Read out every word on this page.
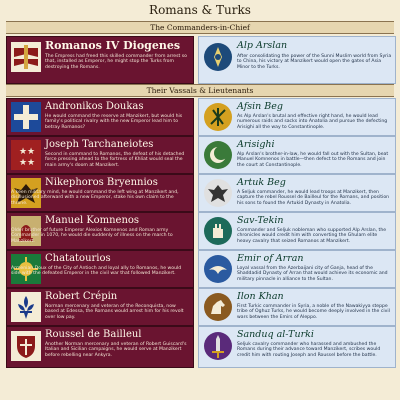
Romans & Turks
The Commanders-in-Chief
Romanos IV Diogenes
The Empress had freed this skilled commander from arrest so that, installed as Emperor, he might stop the Turks from destroying the Romans.
Alp Arslan
After consolidating the power of the Sunni Muslim world from Syria to China, his victory at Manzikert would open the gates of Asia Minor to the Turks.
Their Vassals & Lieutenants
Andronikos Doukas
He would command the reserve at Manzikert, but would his family's political rivalry with the new Emperor lead him to betray Romanos?
Afsin Beg
As Alp Arslan's brutal and effective right hand, he would lead numerous raids and sacks into Anatolia and pursue the defecting Arisighi all the way to Constantinople.
★ ★
★ ★
Joseph Tarchaneiotes
Second in command to Romanos, the defeat of his detached force pressing ahead to the fortress of Khliat would seal the main army's doom at Manzikert.
Arisighi
Alp Arslan's brother-in-law, he would fall out with the Sultan, beat Manuel Komnenos in battle—then defect to the Romans and join the court at Constantinople.
Nikephoros Bryennios
A keen military mind, he would command the left wing at Manzikert and, disillusioned afterward with a new Emperor, stake his own claim to the throne.
Artuk Beg
A Seljuk commander, he would lead troops at Manzikert, then capture the rebel Roussel de Bailleul for the Romans, and position his sons to found the Artukid Dynasty in Anatolia.
Manuel Komnenos
Older brother of future Emperor Alexios Komnenos and Roman army Commander in 1070, he would die suddenly of illness on the march to Manzikert.
Sav-Tekin
Commander and Seljuk nobleman who supported Alp Arslan, the chronicles would credit him with converting the Ghulam elite heavy cavalry that seized Romanos at Manzikert.
Chatatourios
Armenian Doux of the City of Antioch and loyal ally to Romanos, he would side with the defeated Emperor in the civil war that followed Manzikert.
Emir of Arran
Loyal vassal from the Azerbaijani city of Ganja, head of the Shaddadid Dynasty of Arran that would achieve its economic and military pinnacle in alliance to the Sultan.
Robert Crépin
Norman mercenary and veteran of the Reconquista, now based at Edessa, the Romans would arrest him for his revolt over low pay.
Ilon Khan
First Turkic commander in Syria, a noble of the Nawakiyya steppe tribe of Oghuz Turks, he would become deeply involved in the civil wars between the Emirs of Aleppo.
Roussel de Bailleul
Another Norman mercenary and veteran of Robert Guiscard's Italian and Sicilian campaigns, he would serve at Manzikert before rebelling near Ankyra.
Sanduq al-Turki
Seljuk cavalry commander who harassed and ambushed the Romans during their advance toward Manzikert, scribes would credit him with routing Joseph and Roussel before the battle.
